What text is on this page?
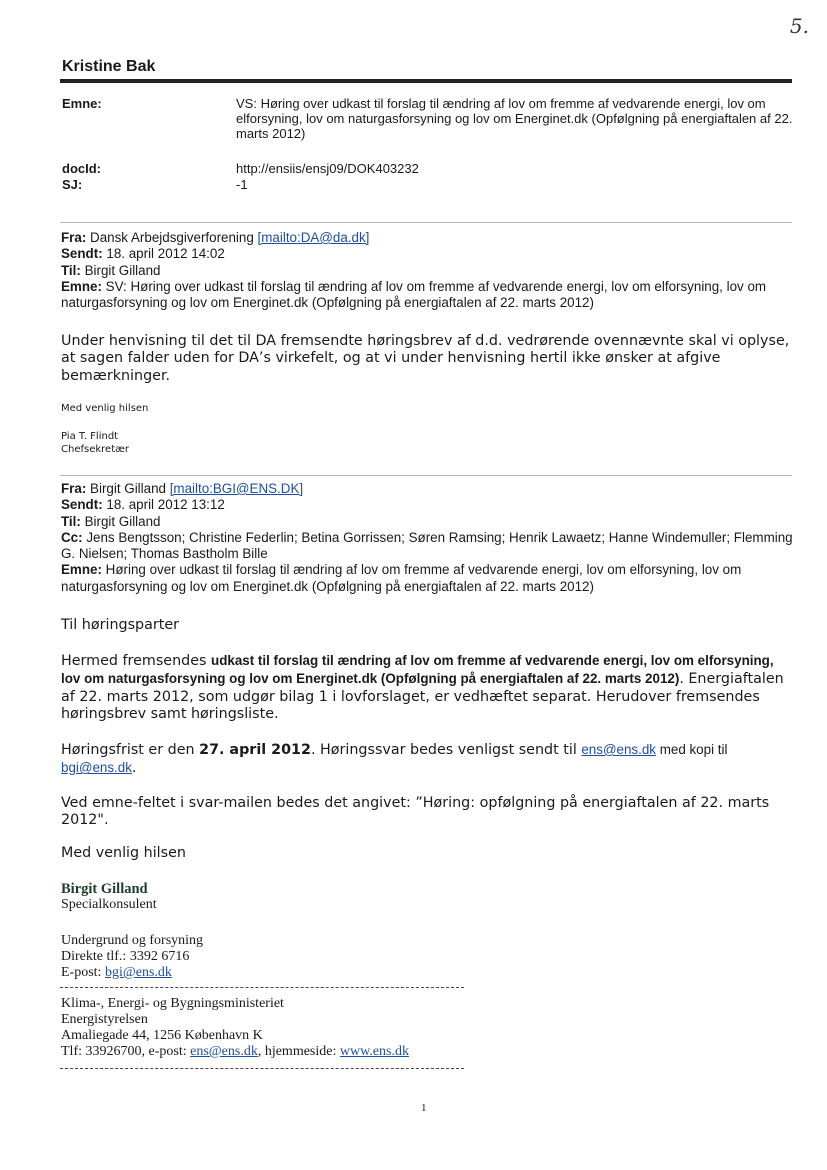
5.
Kristine Bak
Emne:	VS: Høring over udkast til forslag til ændring af lov om fremme af vedvarende energi, lov om elforsyning, lov om naturgasforsyning og lov om Energinet.dk (Opfølgning på energiaftalen af 22. marts 2012)
docId:	http://ensiis/ensj09/DOK403232
SJ:	-1
Fra: Dansk Arbejdsgiverforening [mailto:DA@da.dk]
Sendt: 18. april 2012 14:02
Til: Birgit Gilland
Emne: SV: Høring over udkast til forslag til ændring af lov om fremme af vedvarende energi, lov om elforsyning, lov om naturgasforsyning og lov om Energinet.dk (Opfølgning på energiaftalen af 22. marts 2012)
Under henvisning til det til DA fremsendte høringsbrev af d.d. vedrørende ovennævnte skal vi oplyse, at sagen falder uden for DA’s virkefelt, og at vi under henvisning hertil ikke ønsker at afgive bemærkninger.
Med venlig hilsen
Pia T. Flindt
Chefsekretær
Fra: Birgit Gilland [mailto:BGI@ENS.DK]
Sendt: 18. april 2012 13:12
Til: Birgit Gilland
Cc: Jens Bengtsson; Christine Federlin; Betina Gorrissen; Søren Ramsing; Henrik Lawaetz; Hanne Windemuller; Flemming G. Nielsen; Thomas Bastholm Bille
Emne: Høring over udkast til forslag til ændring af lov om fremme af vedvarende energi, lov om elforsyning, lov om naturgasforsyning og lov om Energinet.dk (Opfølgning på energiaftalen af 22. marts 2012)
Til høringsparter
Hermed fremsendes udkast til forslag til ændring af lov om fremme af vedvarende energi, lov om elforsyning, lov om naturgasforsyning og lov om Energinet.dk (Opfølgning på energiaftalen af 22. marts 2012). Energiaftalen af 22. marts 2012, som udgør bilag 1 i lovforslaget, er vedhæftet separat. Herudover fremsendes høringsbrev samt høringsliste.
Høringsfrist er den 27. april 2012. Høringssvar bedes venligst sendt til ens@ens.dk med kopi til bgi@ens.dk.
Ved emne-feltet i svar-mailen bedes det angivet: ”Høring: opfølgning på energiaftalen af 22. marts 2012".
Med venlig hilsen
Birgit Gilland
Specialkonsulent
Undergrund og forsyning
Direkte tlf.: 3392 6716
E-post: bgi@ens.dk
Klima-, Energi- og Bygningsministeriet
Energistyrelsen
Amaliegade 44, 1256 København K
Tlf: 33926700, e-post: ens@ens.dk, hjemmeside: www.ens.dk
1
